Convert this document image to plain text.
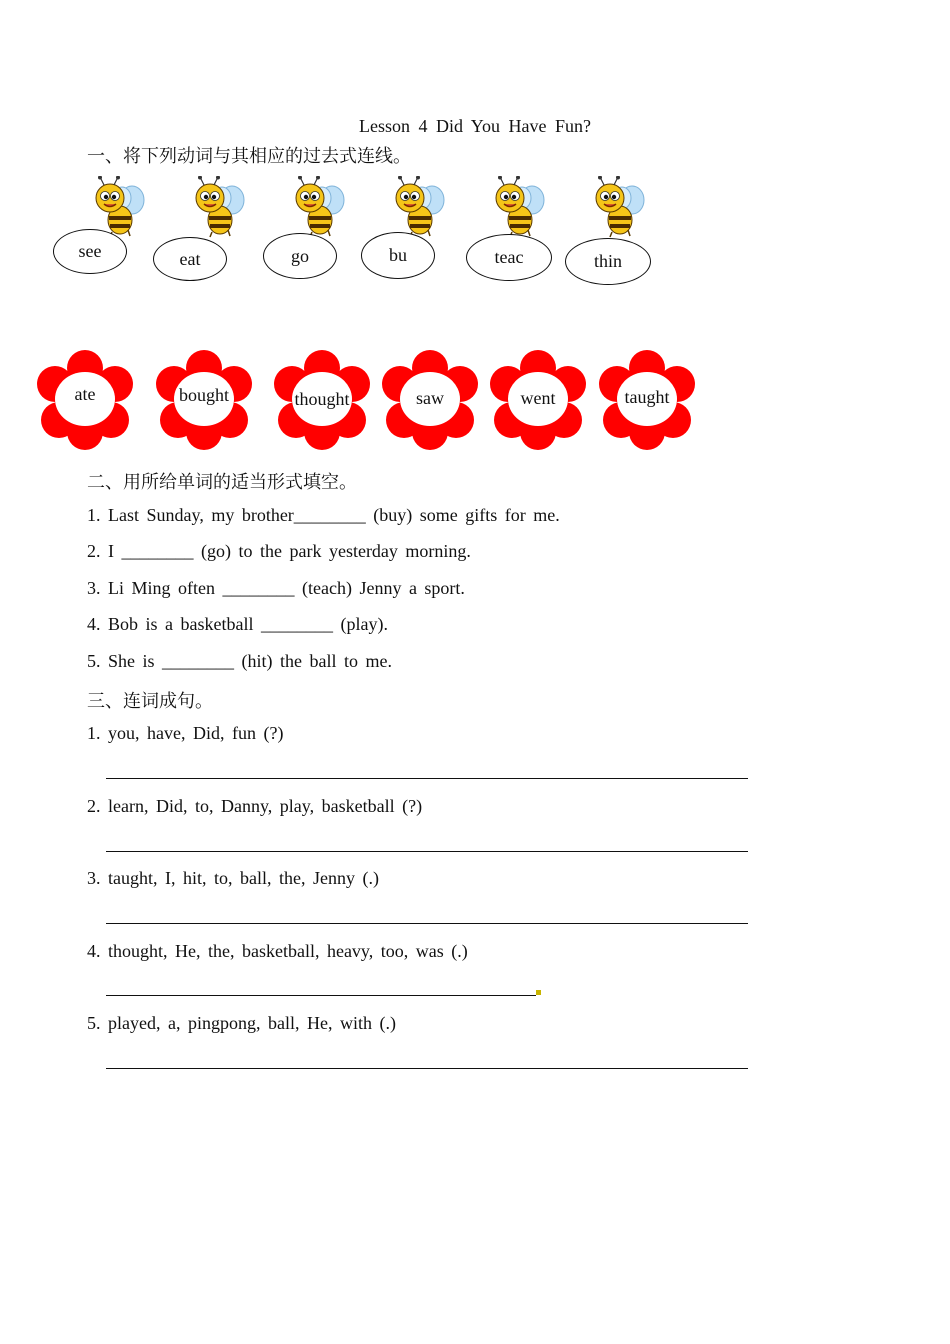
Lesson 4 Did You Have Fun?
一、将下列动词与其相应的过去式连线。
see	eat	go	bu	teac	thin
ate	bought	thought	saw	went	taught
二、用所给单词的适当形式填空。
1. Last Sunday, my brother________ (buy) some gifts for me.
2. I ________ (go) to the park yesterday morning.
3. Li Ming often ________ (teach) Jenny a sport.
4. Bob is a basketball ________ (play).
5. She is ________ (hit) the ball to me.
三、连词成句。
1. you, have, Did, fun (?)
2. learn, Did, to, Danny, play, basketball (?)
3. taught, I, hit, to, ball, the, Jenny (.)
4. thought, He, the, basketball, heavy, too, was (.)
5. played, a, pingpong, ball, He, with (.)
